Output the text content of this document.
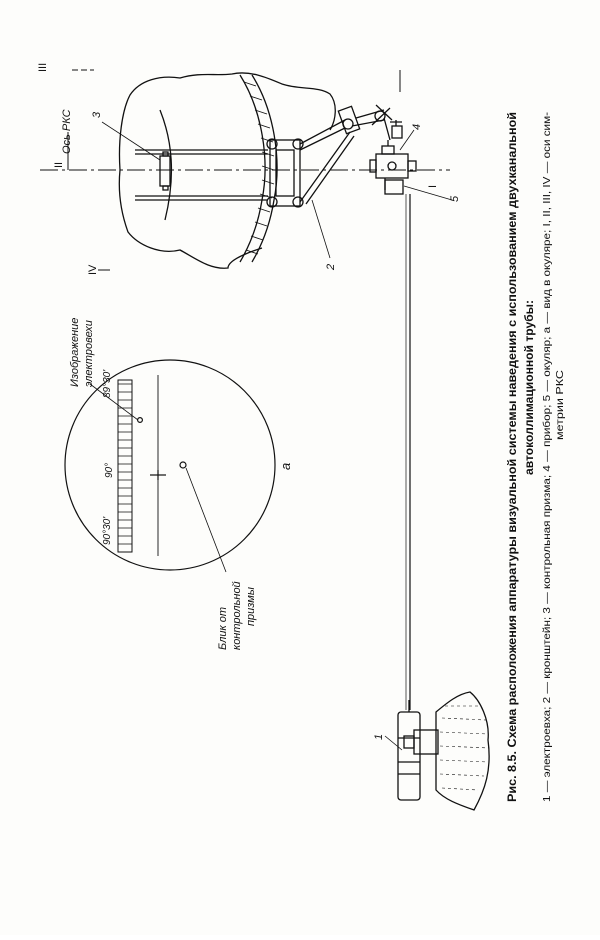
Рис. 8.5. Схема расположения аппаратуры визуальной системы наведения с использованием двухканальной автоколлимационной трубы: 1 — электроевха; 2 — кронштейн; 3 — контрольная призма; 4 — прибор; 5 — окуляр; а — вид в окуляре; I, II, III, IV — оси сим- метрии РКС
Ось РКС
II
III
IV
I
3
2
4
5
89°30'
90°
90°30'
Изображение электровехи
Блик от контрольной призмы
а
1
